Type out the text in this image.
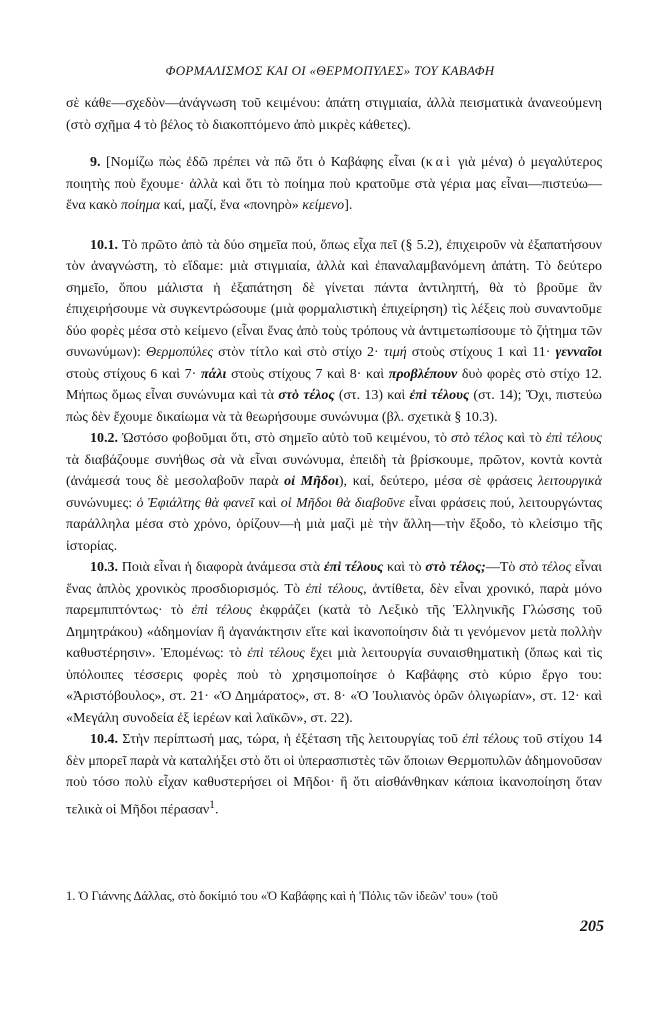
ΦΟΡΜΑΛΙΣΜΟΣ ΚΑΙ ΟΙ «ΘΕΡΜΟΠΥΛΕΣ» ΤΟΥ ΚΑΒΑΦΗ

σὲ κάθε—σχεδὸν—ἀνάγνωση τοῦ κειμένου: ἀπάτη στιγμιαία, ἀλλὰ πεισματικὰ ἀνανεούμενη (στὸ σχῆμα 4 τὸ βέλος τὸ διακοπτόμενο ἀπὸ μικρὲς κάθετες).

9. [Νομίζω πὼς ἐδῶ πρέπει νὰ πῶ ὅτι ὁ Καβάφης εἶναι (καὶ γιὰ μένα) ὁ μεγαλύτερος ποιητὴς ποὺ ἔχουμε· ἀλλὰ καὶ ὅτι τὸ ποίημα ποὺ κρατοῦμε στὰ γέρια μας εἶναι—πιστεύω—ἕνα κακὸ ποίημα καί, μαζί, ἕνα «πονηρὸ» κείμενο].

10.1. Τὸ πρῶτο ἀπὸ τὰ δύο σημεῖα πού, ὅπως εἶχα πεῖ (§ 5.2), ἐπιχειροῦν νὰ ἐξαπατήσουν τὸν ἀναγνώστη, τὸ εἴδαμε: μιὰ στιγμιαία, ἀλλὰ καὶ ἐπαναλαμβανόμενη ἀπάτη. Τὸ δεύτερο σημεῖο, ὅπου μάλιστα ἡ ἐξαπάτηση δὲ γίνεται πάντα ἀντιληπτή, θὰ τὸ βροῦμε ἂν ἐπιχειρήσουμε νὰ συγκεντρώσουμε (μιὰ φορμαλιστικὴ ἐπιχείρηση) τὶς λέξεις ποὺ συναντοῦμε δύο φορὲς μέσα στὸ κείμενο (εἶναι ἕνας ἀπὸ τοὺς τρόπους νὰ ἀντιμετωπίσουμε τὸ ζήτημα τῶν συνωνύμων): Θερμοπύλες στὸν τίτλο καὶ στὸ στίχο 2· τιμή στοὺς στίχους 1 καὶ 11· γενναῖοι στοὺς στίχους 6 καὶ 7· πάλι στοὺς στίχους 7 καὶ 8· καὶ προβλέπουν δυὸ φορὲς στὸ στίχο 12. Μήπως ὅμως εἶναι συνώνυμα καὶ τὰ στὸ τέλος (στ. 13) καὶ ἐπὶ τέλους (στ. 14); Ὄχι, πιστεύω πὼς δὲν ἔχουμε δικαίωμα νὰ τὰ θεωρήσουμε συνώνυμα (βλ. σχετικὰ § 10.3).

10.2. Ὡστόσο φοβοῦμαι ὅτι, στὸ σημεῖο αὐτὸ τοῦ κειμένου, τὸ στὸ τέλος καὶ τὸ ἐπὶ τέλους τὰ διαβάζουμε συνήθως σὰ νὰ εἶναι συνώνυμα, ἐπειδὴ τὰ βρίσκουμε, πρῶτον, κοντὰ κοντὰ (ἀνάμεσά τους δὲ μεσολαβοῦν παρὰ οἱ Μῆδοι), καί, δεύτερο, μέσα σὲ φράσεις λειτουργικὰ συνώνυμες: ὁ Ἐφιάλτης θὰ φανεῖ καὶ οἱ Μῆδοι θὰ διαβοῦνε εἶναι φράσεις πού, λειτουργώντας παράλληλα μέσα στὸ χρόνο, ὁρίζουν—ἡ μιὰ μαζὶ μὲ τὴν ἄλλη—τὴν ἔξοδο, τὸ κλείσιμο τῆς ἱστορίας.

10.3. Ποιὰ εἶναι ἡ διαφορὰ ἀνάμεσα στὰ ἐπὶ τέλους καὶ τὸ στὸ τέλος;—Τὸ στὸ τέλος εἶναι ἕνας ἁπλὸς χρονικὸς προσδιορισμός. Τὸ ἐπὶ τέλους, ἀντίθετα, δὲν εἶναι χρονικό, παρὰ μόνο παρεμπιπτόντως· τὸ ἐπὶ τέλους ἐκφράζει (κατὰ τὸ Λεξικὸ τῆς Ἑλληνικῆς Γλώσσης τοῦ Δημητράκου) «ἀδημονίαν ἢ ἀγανάκτησιν εἴτε καὶ ἱκανοποίησιν διὰ τι γενόμενον μετὰ πολλὴν καθυστέρησιν». Ἑπομένως: τὸ ἐπὶ τέλους ἔχει μιὰ λειτουργία συναισθηματικὴ (ὅπως καὶ τὶς ὑπόλοιπες τέσσερις φορὲς ποὺ τὸ χρησιμοποίησε ὁ Καβάφης στὸ κύριο ἔργο του: «Ἀριστόβουλος», στ. 21· «Ὁ Δημάρατος», στ. 8· «Ὁ Ἰουλιανὸς ὁρῶν ὀλιγωρίαν», στ. 12· καὶ «Μεγάλη συνοδεία ἐξ ἱερέων καὶ λαϊκῶν», στ. 22).

10.4. Στὴν περίπτωσή μας, τώρα, ἡ ἐξέταση τῆς λειτουργίας τοῦ ἐπὶ τέλους τοῦ στίχου 14 δὲν μπορεῖ παρὰ νὰ καταλήξει στὸ ὅτι οἱ ὑπερασπιστὲς τῶν ὅποιων Θερμοπυλῶν ἀδημονοῦσαν ποὺ τόσο πολὺ εἶχαν καθυστερήσει οἱ Μῆδοι· ἢ ὅτι αἰσθάνθηκαν κάποια ἱκανοποίηση ὅταν τελικὰ οἱ Μῆδοι πέρασαν$^1$.

1. Ὁ Γιάννης Δάλλας, στὸ δοκίμιό του «Ὁ Καβάφης καὶ ἡ 'Πόλις τῶν ἰδεῶν' του» (τοῦ
205
